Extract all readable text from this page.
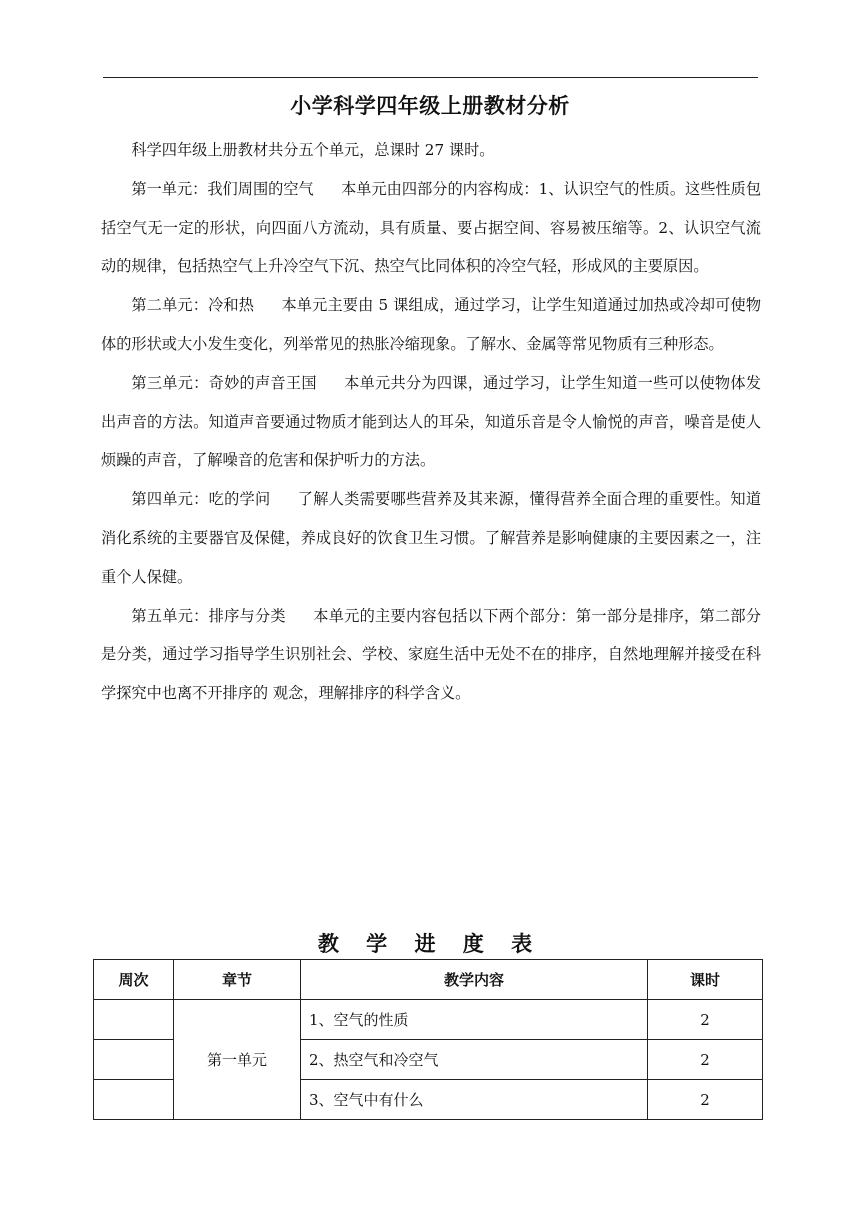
小学科学四年级上册教材分析

科学四年级上册教材共分五个单元，总课时 27 课时。

第一单元：我们周围的空气 本单元由四部分的内容构成：1、认识空气的性质。这些性质包括空气无一定的形状，向四面八方流动，具有质量、要占据空间、容易被压缩等。2、认识空气流动的规律，包括热空气上升冷空气下沉、热空气比同体积的冷空气轻，形成风的主要原因。

第二单元：冷和热 本单元主要由 5 课组成，通过学习，让学生知道通过加热或冷却可使物体的形状或大小发生变化，列举常见的热胀冷缩现象。了解水、金属等常见物质有三种形态。

第三单元：奇妙的声音王国 本单元共分为四课，通过学习，让学生知道一些可以使物体发出声音的方法。知道声音要通过物质才能到达人的耳朵，知道乐音是令人愉悦的声音，噪音是使人烦躁的声音，了解噪音的危害和保护听力的方法。

第四单元：吃的学问 了解人类需要哪些营养及其来源，懂得营养全面合理的重要性。知道消化系统的主要器官及保健，养成良好的饮食卫生习惯。了解营养是影响健康的主要因素之一，注重个人保健。

第五单元：排序与分类 本单元的主要内容包括以下两个部分：第一部分是排序，第二部分是分类，通过学习指导学生识别社会、学校、家庭生活中无处不在的排序，自然地理解并接受在科学探究中也离不开排序的 观念，理解排序的科学含义。

教 学 进 度 表
周次	章节	教学内容	课时
	第一单元	1、空气的性质	2
		2、热空气和冷空气	2
		3、空气中有什么	2
